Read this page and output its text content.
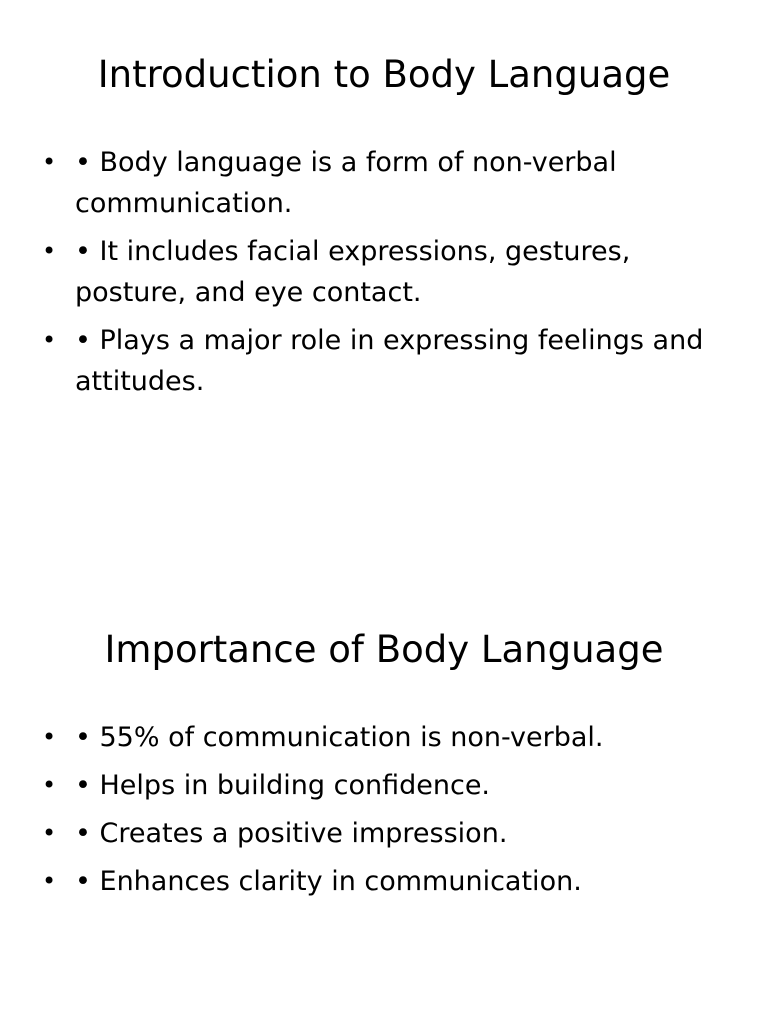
Introduction to Body Language
• • Body language is a form of non-verbal communication.
• • It includes facial expressions, gestures, posture, and eye contact.
• • Plays a major role in expressing feelings and attitudes.
Importance of Body Language
• • 55% of communication is non-verbal.
• • Helps in building confidence.
• • Creates a positive impression.
• • Enhances clarity in communication.
